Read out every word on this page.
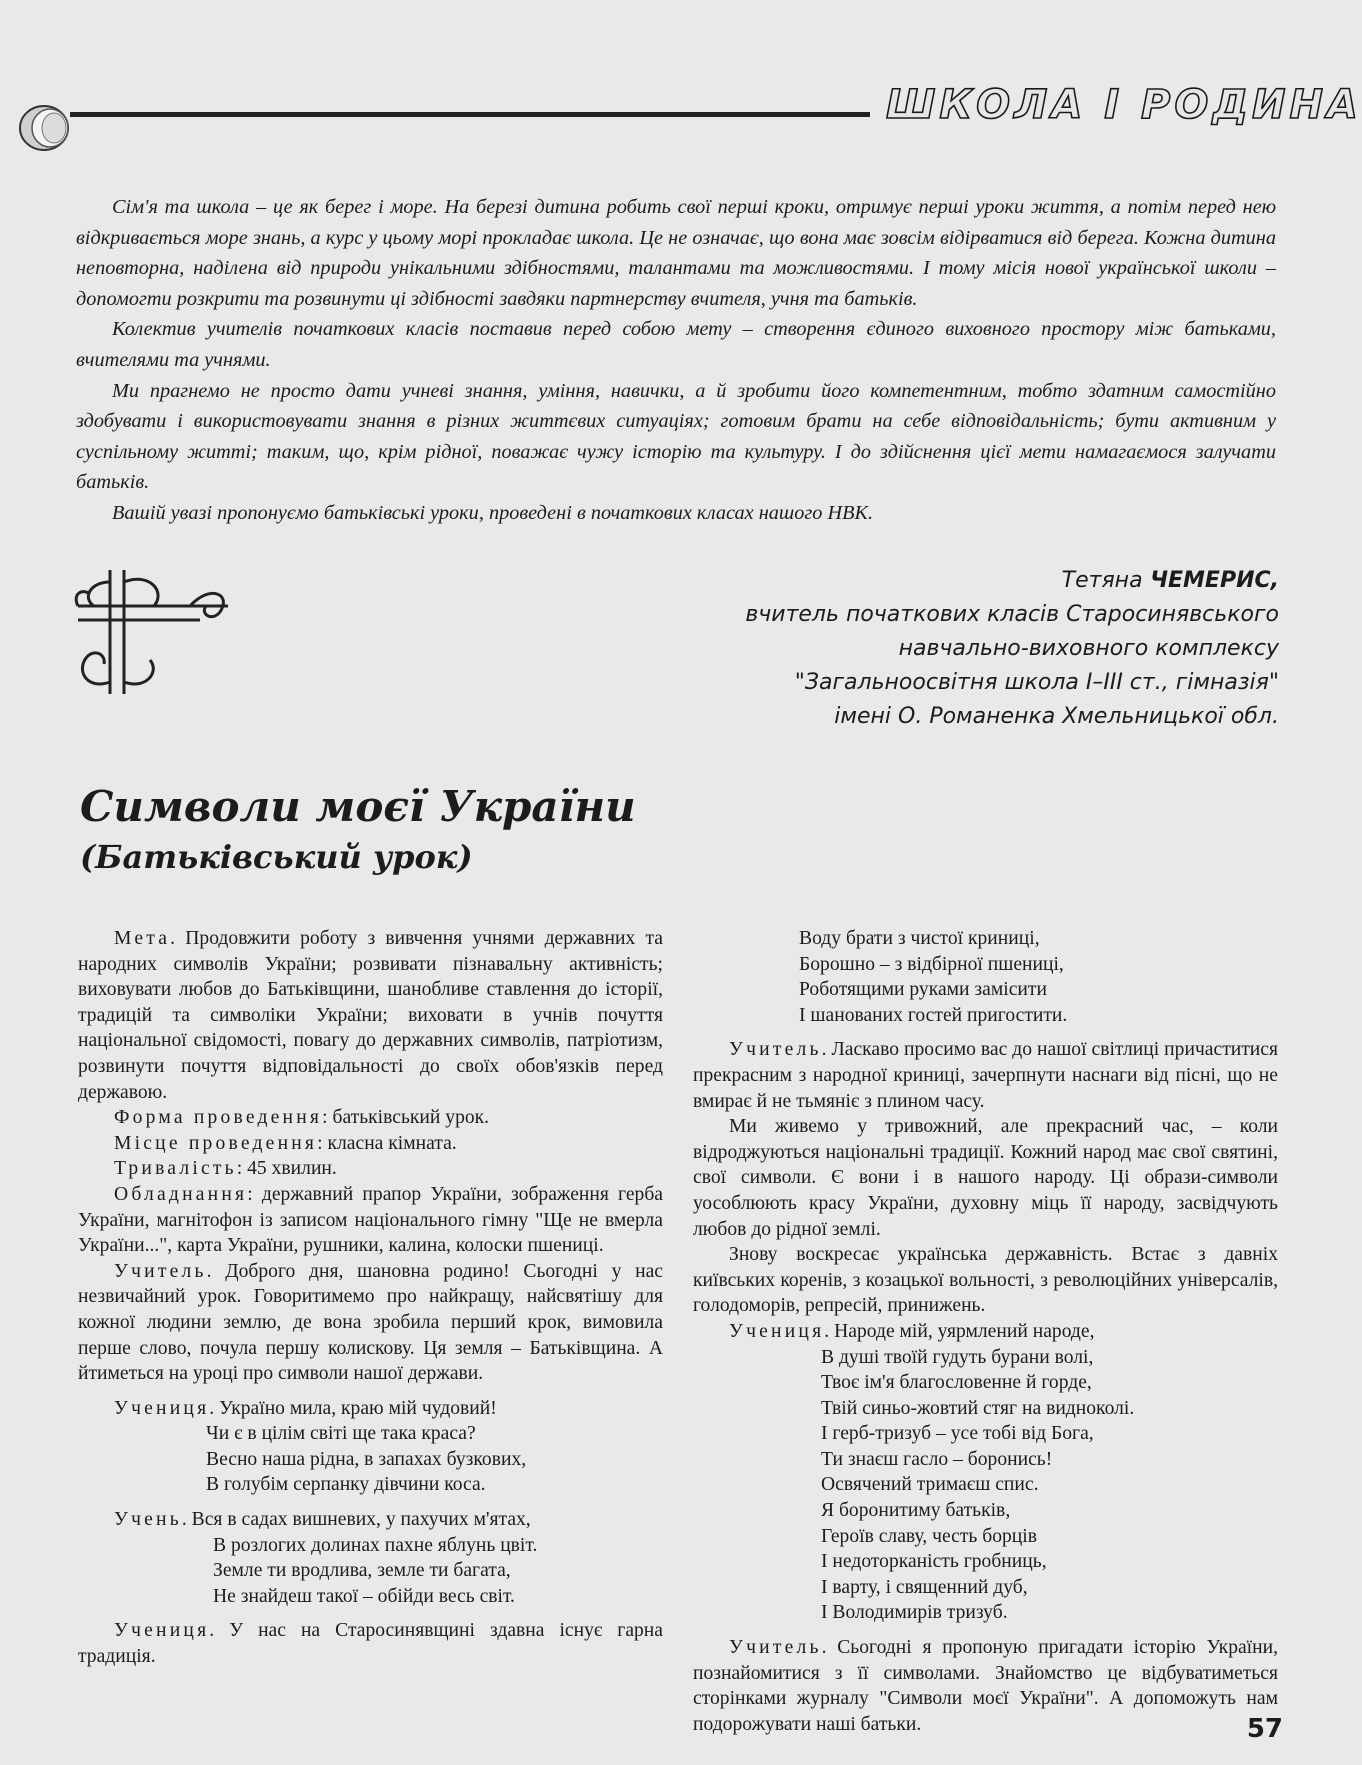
ШКОЛА І РОДИНА

Сім'я та школа – це як берег і море. На березі дитина робить свої перші кроки, отримує перші уроки життя, а потім перед нею відкривається море знань, а курс у цьому морі прокладає школа. Це не означає, що вона має зовсім відірватися від берега. Кожна дитина неповторна, наділена від природи унікальними здібностями, талантами та можливостями. І тому місія нової української школи – допомогти розкрити та розвинути ці здібності завдяки партнерству вчителя, учня та батьків.

Колектив учителів початкових класів поставив перед собою мету – створення єдиного виховного простору між батьками, вчителями та учнями.

Ми прагнемо не просто дати учневі знання, уміння, навички, а й зробити його компетентним, тобто здатним самостійно здобувати і використовувати знання в різних життєвих ситуаціях; готовим брати на себе відповідальність; бути активним у суспільному житті; таким, що, крім рідної, поважає чужу історію та культуру. І до здійснення цієї мети намагаємося залучати батьків.

Вашій увазі пропонуємо батьківські уроки, проведені в початкових класах нашого НВК.

Тетяна ЧЕМЕРИС,
вчитель початкових класів Старосинявського
навчально-виховного комплексу
"Загальноосвітня школа І–ІІІ ст., гімназія"
імені О. Романенка Хмельницької обл.
Символи моєї України
(Батьківський урок)

Мета. Продовжити роботу з вивчення учнями державних та народних символів України; розвивати пізнавальну активність; виховувати любов до Батьківщини, шанобливе ставлення до історії, традицій та символіки України; виховати в учнів почуття національної свідомості, повагу до державних символів, патріотизм, розвинути почуття відповідальності до своїх обов'язків перед державою.

Форма проведення: батьківський урок.

Місце проведення: класна кімната.

Тривалість: 45 хвилин.

Обладнання: державний прапор України, зображення герба України, магнітофон із записом національного гімну "Ще не вмерла України...", карта України, рушники, калина, колоски пшениці.

Учитель. Доброго дня, шановна родино! Сьогодні у нас незвичайний урок. Говоритимемо про найкращу, найсвятішу для кожної людини землю, де вона зробила перший крок, вимовила перше слово, почула першу колискову. Ця земля – Батьківщина. А йтиметься на уроці про символи нашої держави.

Учениця. Україно мила, краю мій чудовий!

Чи є в цілім світі ще така краса?

Весно наша рідна, в запахах бузкових,

В голубім серпанку дівчини коса.

Учень. Вся в садах вишневих, у пахучих м'ятах,

В розлогих долинах пахне яблунь цвіт.

Земле ти вродлива, земле ти багата,

Не знайдеш такої – обійди весь світ.

Учениця. У нас на Старосинявщині здавна існує гарна традиція.

Воду брати з чистої криниці,

Борошно – з відбірної пшениці,

Роботящими руками замісити

І шанованих гостей пригостити.

Учитель. Ласкаво просимо вас до нашої світлиці причаститися прекрасним з народної криниці, зачерпнути наснаги від пісні, що не вмирає й не тьмяніє з плином часу.

Ми живемо у тривожний, але прекрасний час, – коли відроджуються національні традиції. Кожний народ має свої святині, свої символи. Є вони і в нашого народу. Ці образи-символи уособлюють красу України, духовну міць її народу, засвідчують любов до рідної землі.

Знову воскресає українська державність. Встає з давніх київських коренів, з козацької вольності, з революційних універсалів, голодоморів, репресій, принижень.

Учениця. Народе мій, уярмлений народе,

В душі твоїй гудуть бурани волі,

Твоє ім'я благословенне й горде,

Твій синьо-жовтий стяг на видноколі.

І герб-тризуб – усе тобі від Бога,

Ти знаєш гасло – боронись!

Освячений тримаєш спис.

Я боронитиму батьків,

Героїв славу, честь борців

І недоторканість гробниць,

І варту, і священний дуб,

І Володимирів тризуб.

Учитель. Сьогодні я пропоную пригадати історію України, познайомитися з її символами. Знайомство це відбуватиметься сторінками журналу "Символи моєї України". А допоможуть нам подорожувати наші батьки.	57
